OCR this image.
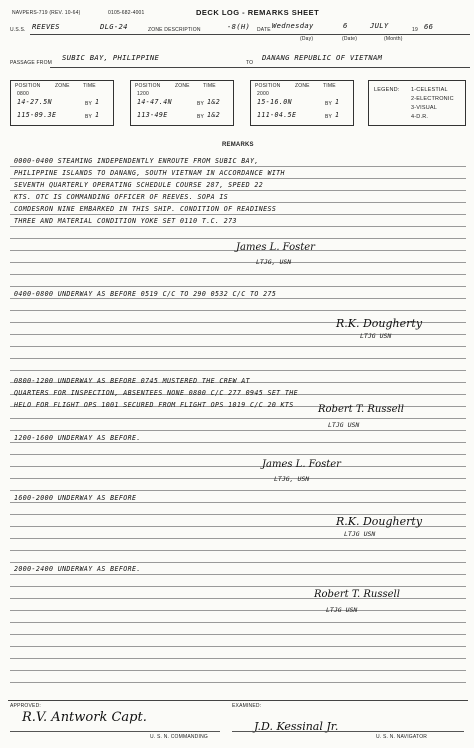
NAVPERS-719 (REV. 10-64)	0105-682-4001	DECK LOG - REMARKS SHEET
U.S.S. REEVES	DLG-24	ZONE DESCRIPTION	-8(H) DATE Wednesday	6	JULY	19 66
(Day)	(Date)	(Month)
PASSAGE FROM
SUBIC BAY, PHILIPPINE
TO
DANANG REPUBLIC OF VIETNAM
POSITION	ZONE	TIME
0800
14-27.5N	BY 1
115-09.3E	BY 1
POSITION	ZONE	TIME
1200
14-47.4N	BY 1&2
113-49E	BY 1&2
POSITION	ZONE	TIME
2000
15-16.0N	BY 1
111-04.5E	BY 1
LEGEND: 1-CELESTIAL
2-ELECTRONIC
3-VISUAL
4-D.R.
REMARKS
0000-0400 STEAMING INDEPENDENTLY ENROUTE FROM SUBIC BAY,
PHILIPPINE ISLANDS TO DANANG, SOUTH VIETNAM IN ACCORDANCE WITH
SEVENTH QUARTERLY OPERATING SCHEDULE COURSE 287, SPEED 22
KTS. OTC IS COMMANDING OFFICER OF REEVES. SOPA IS
COMDESRON NINE EMBARKED IN THIS SHIP. CONDITION OF READINESS
THREE AND MATERIAL CONDITION YOKE SET 0110 T.C. 273
James L. Foster
LTJG, USN
0400-0800 UNDERWAY AS BEFORE 0519 C/C TO 290 0532 C/C TO 275
R.K. Dougherty
LTJG USN
0800-1200 UNDERWAY AS BEFORE 0745 MUSTERED THE CREW AT
QUARTERS FOR INSPECTION, ABSENTEES NONE 0800 C/C 277 0945 SET THE
HELO FOR FLIGHT OPS 1001 SECURED FROM FLIGHT OPS 1019 C/C 20 KTS Robert T. Russell
LTJG USN
1200-1600 UNDERWAY AS BEFORE.
James L. Foster
LTJG, USN
1600-2000 UNDERWAY AS BEFORE
R.K. Dougherty
LTJG USN
2000-2400 UNDERWAY AS BEFORE.
Robert T. Russell
LTJG USN
APPROVED:	EXAMINED:
R.V. Antwork Capt.
J.D. Kessinal Jr.
U. S. N. COMMANDING	U. S. N. NAVIGATOR
